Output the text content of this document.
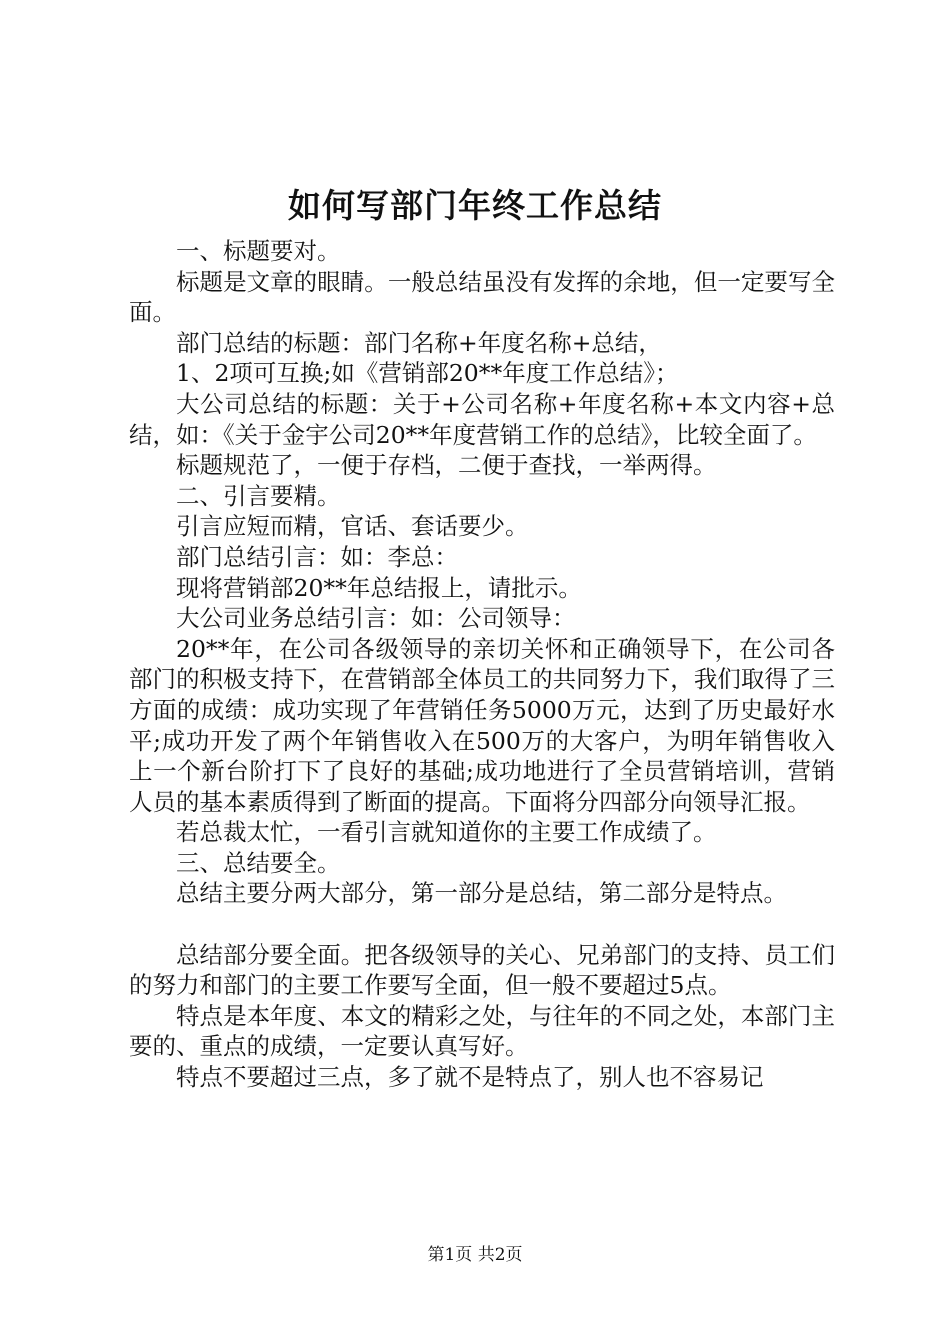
如何写部门年终工作总结

一、标题要对。

标题是文章的眼睛。一般总结虽没有发挥的余地，但一定要写全面。

部门总结的标题：部门名称+年度名称+总结，

1、2项可互换;如《营销部20**年度工作总结》；

大公司总结的标题：关于+公司名称+年度名称+本文内容+总结，如：《关于金宇公司20**年度营销工作的总结》，比较全面了。

标题规范了，一便于存档，二便于查找，一举两得。

二、引言要精。

引言应短而精，官话、套话要少。

部门总结引言：如：李总：

现将营销部20**年总结报上，请批示。

大公司业务总结引言：如：公司领导：

20**年，在公司各级领导的亲切关怀和正确领导下，在公司各部门的积极支持下，在营销部全体员工的共同努力下，我们取得了三方面的成绩：成功实现了年营销任务5000万元，达到了历史最好水平;成功开发了两个年销售收入在500万的大客户，为明年销售收入上一个新台阶打下了良好的基础;成功地进行了全员营销培训，营销人员的基本素质得到了断面的提高。下面将分四部分向领导汇报。

若总裁太忙，一看引言就知道你的主要工作成绩了。

三、总结要全。

总结主要分两大部分，第一部分是总结，第二部分是特点。

总结部分要全面。把各级领导的关心、兄弟部门的支持、员工们的努力和部门的主要工作要写全面，但一般不要超过5点。

特点是本年度、本文的精彩之处，与往年的不同之处，本部门主要的、重点的成绩，一定要认真写好。

特点不要超过三点，多了就不是特点了，别人也不容易记

第1页 共2页
